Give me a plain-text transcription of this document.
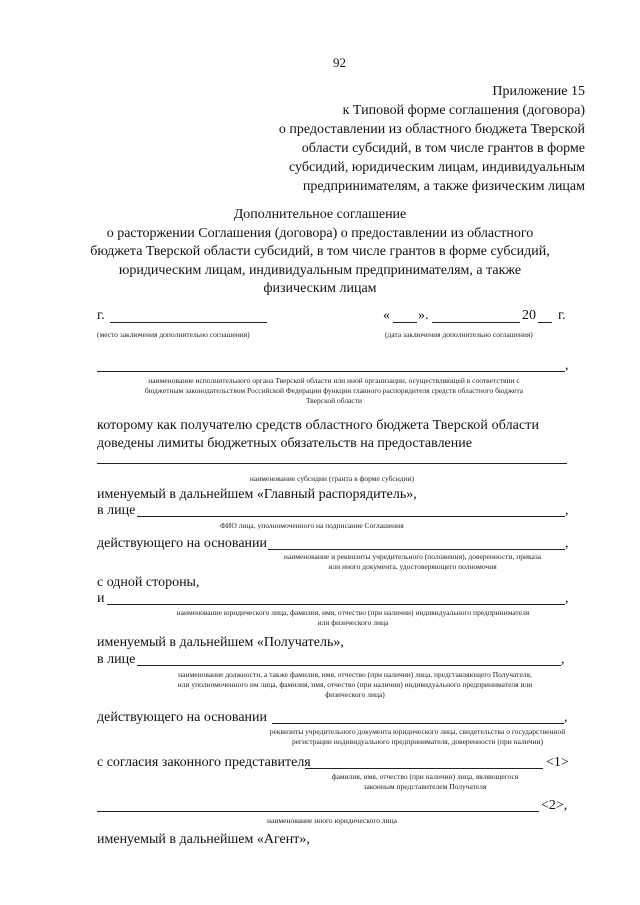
92
Приложение 15
к Типовой форме соглашения (договора)
о предоставлении из областного бюджета Тверской
области субсидий, в том числе грантов в форме
субсидий, юридическим лицам, индивидуальным
предпринимателям, а также физическим лицам
Дополнительное соглашение
о расторжении Соглашения (договора) о предоставлении из областного
бюджета Тверской области субсидий, в том числе грантов в форме субсидий,
юридическим лицам, индивидуальным предпринимателям, а также
физическим лицам
г.
(место заключения дополнительно соглашения)
« ».	20 г.
(дата заключения дополнительно соглашения)
,
наименование исполнительного органа Тверской области или иной организации, осуществляющей в соответствии с
бюджетным законодательством Российской Федерации функции главного распорядителя средств областного бюджета
Тверской области
которому как получателю средств областного бюджета Тверской области
доведены лимиты бюджетных обязательств на предоставление
наименование субсидии (гранта в форме субсидии)
именуемый в дальнейшем «Главный распорядитель»,
в лице	,
ФИО лица, уполномоченного на подписание Соглашения
действующего на основании	,
наименование и реквизиты учредительного (положения), доверенности, приказа
или иного документа, удостоверяющего полномочия
с одной стороны,
и	,
наименование юридического лица, фамилия, имя, отчество (при наличии) индивидуального предпринимателя
или физического лица
именуемый в дальнейшем «Получатель»,
в лице	,
наименование должности, а также фамилия, имя, отчество (при наличии) лица, представляющего Получателя,
или уполномоченного им лица, фамилия, имя, отчество (при наличии) индивидуального предпринимателя или
физического лица)
действующего на основании	,
реквизиты учредительного документа юридического лица, свидетельства о государственной
регистрации индивидуального предпринимателя, доверенности (при наличии)
с согласия законного представителя	<1>
фамилия, имя, отчество (при наличии) лица, являющегося
законным представителем Получателя
<2>,
наименование иного юридического лица
именуемый в дальнейшем «Агент»,
